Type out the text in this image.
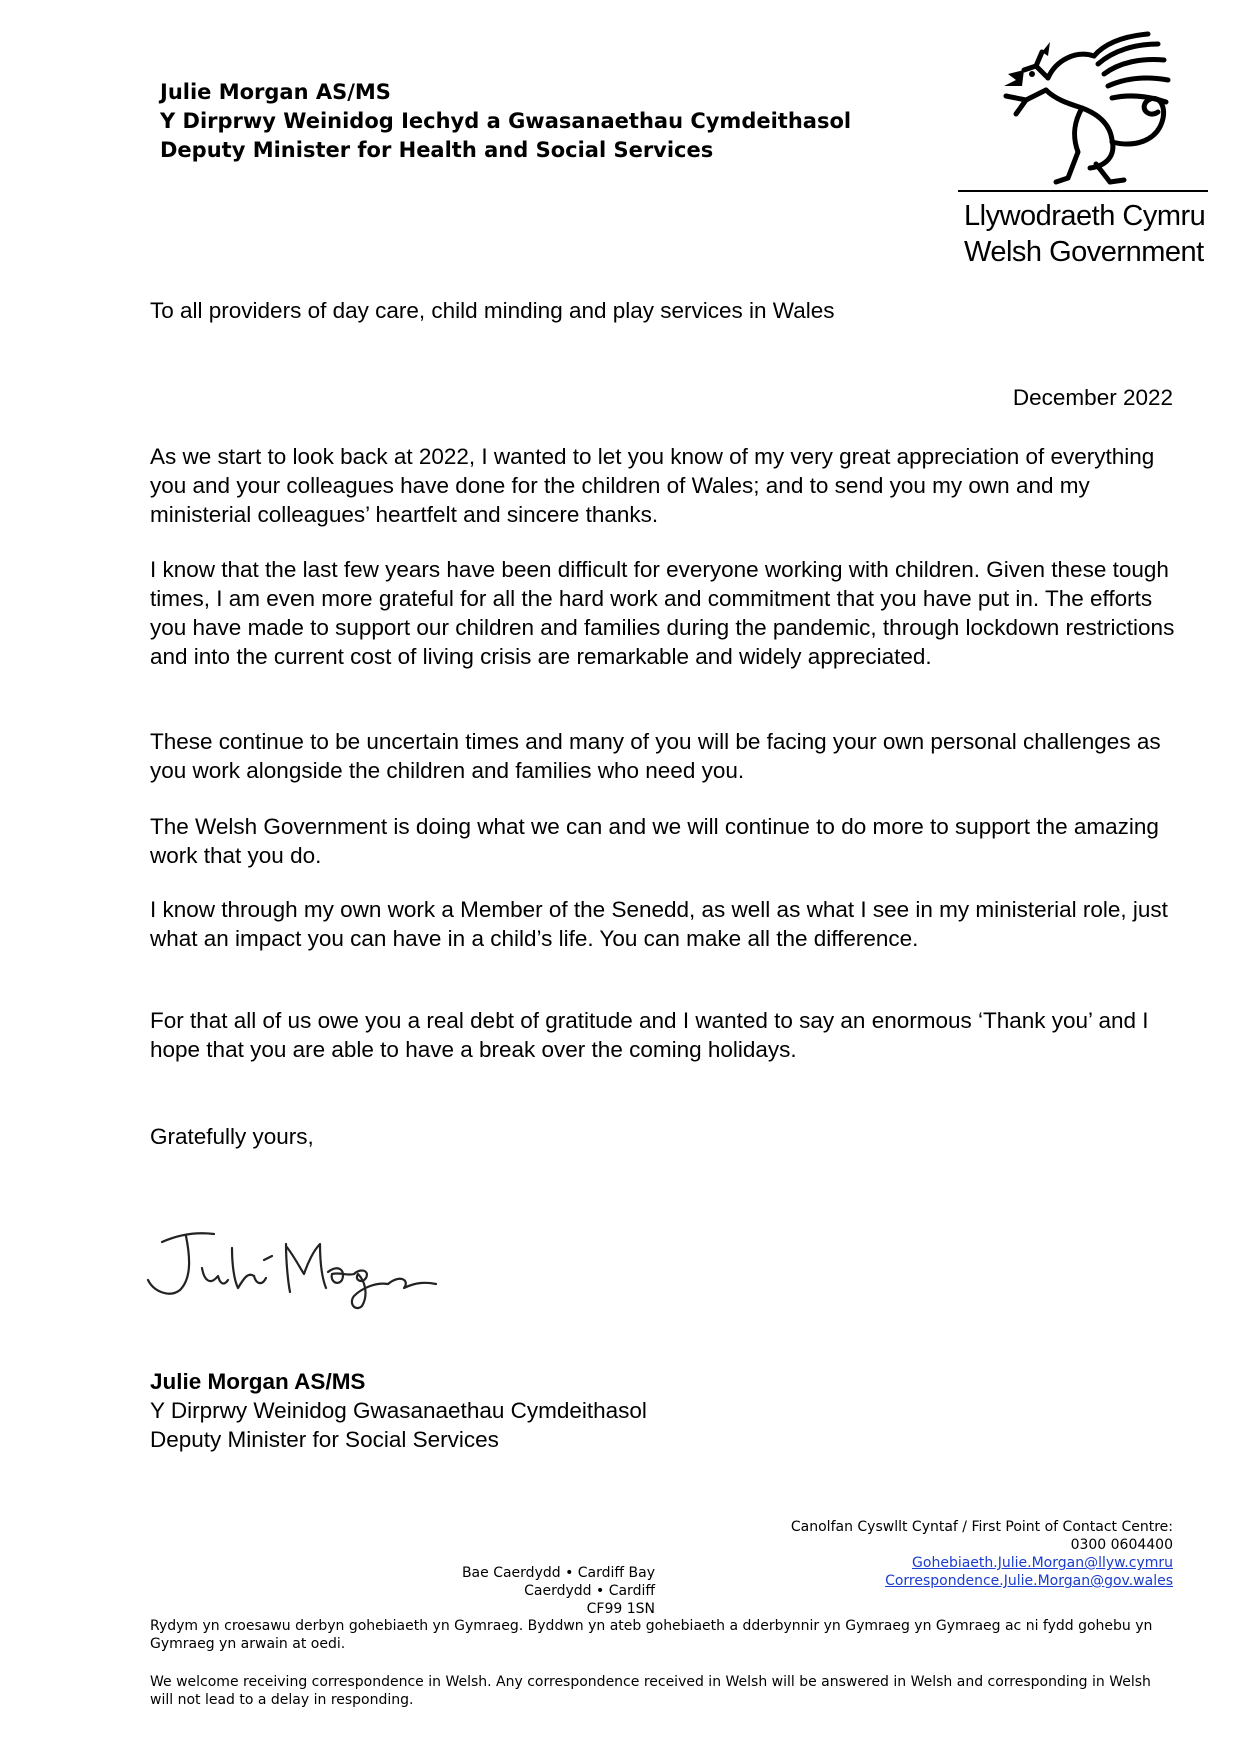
Julie Morgan AS/MS
Y Dirprwy Weinidog Iechyd a Gwasanaethau Cymdeithasol
Deputy Minister for Health and Social Services
Llywodraeth Cymru
Welsh Government
To all providers of day care, child minding and play services in Wales
December 2022

As we start to look back at 2022, I wanted to let you know of my very great appreciation of everything you and your colleagues have done for the children of Wales; and to send you my own and my ministerial colleagues’ heartfelt and sincere thanks.

I know that the last few years have been difficult for everyone working with children. Given these tough times, I am even more grateful for all the hard work and commitment that you have put in. The efforts you have made to support our children and families during the pandemic, through lockdown restrictions and into the current cost of living crisis are remarkable and widely appreciated.

These continue to be uncertain times and many of you will be facing your own personal challenges as you work alongside the children and families who need you.

The Welsh Government is doing what we can and we will continue to do more to support the amazing work that you do.

I know through my own work a Member of the Senedd, as well as what I see in my ministerial role, just what an impact you can have in a child’s life. You can make all the difference.

For that all of us owe you a real debt of gratitude and I wanted to say an enormous ‘Thank you’ and I hope that you are able to have a break over the coming holidays.

Gratefully yours,
Julie Morgan AS/MS
Y Dirprwy Weinidog Gwasanaethau Cymdeithasol
Deputy Minister for Social Services
Canolfan Cyswllt Cyntaf / First Point of Contact Centre:
0300 0604400
Gohebiaeth.Julie.Morgan@llyw.cymru
Correspondence.Julie.Morgan@gov.wales
Bae Caerdydd • Cardiff Bay
Caerdydd • Cardiff
CF99 1SN

Rydym yn croesawu derbyn gohebiaeth yn Gymraeg. Byddwn yn ateb gohebiaeth a dderbynnir yn Gymraeg yn Gymraeg ac ni fydd gohebu yn Gymraeg yn arwain at oedi.

We welcome receiving correspondence in Welsh. Any correspondence received in Welsh will be answered in Welsh and corresponding in Welsh will not lead to a delay in responding.
